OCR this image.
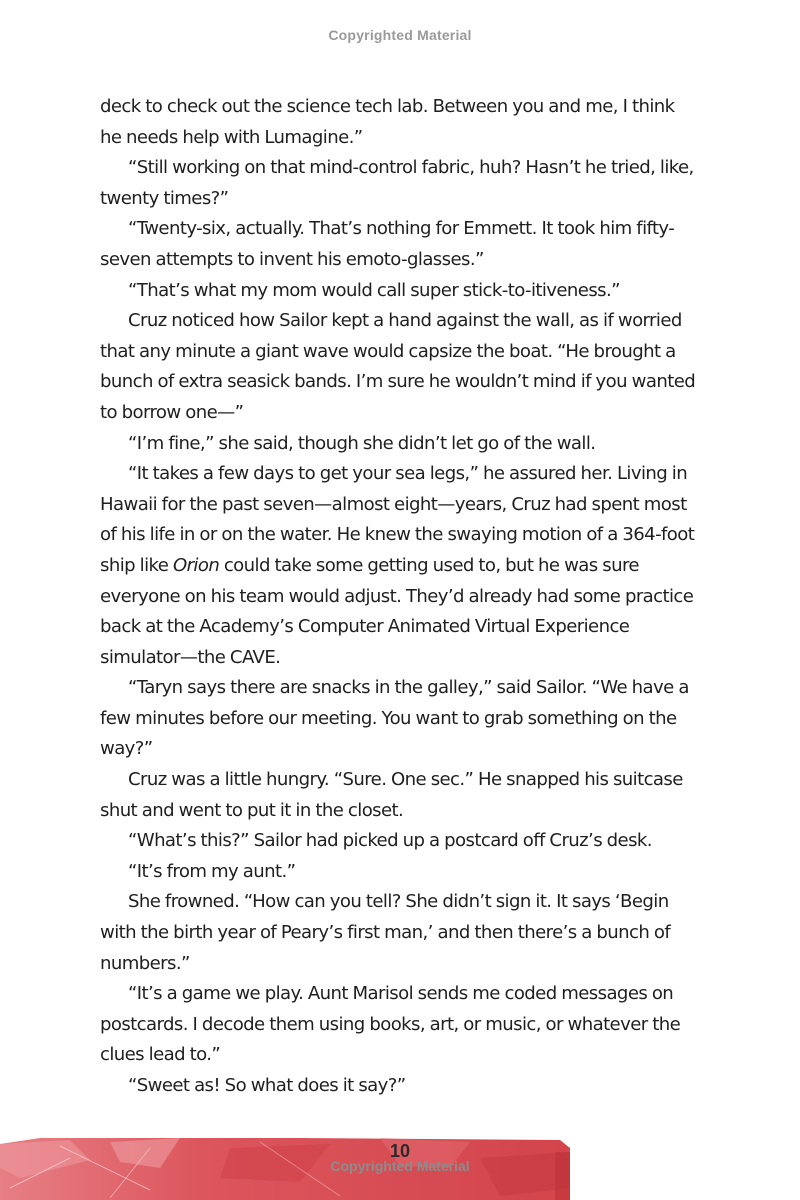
Copyrighted Material

deck to check out the science tech lab. Between you and me, I think he needs help with Lumagine.”

“Still working on that mind-control fabric, huh? Hasn’t he tried, like, twenty times?”

“Twenty-six, actually. That’s nothing for Emmett. It took him fifty-seven attempts to invent his emoto-glasses.”

“That’s what my mom would call super stick-to-itiveness.”

Cruz noticed how Sailor kept a hand against the wall, as if worried that any minute a giant wave would capsize the boat. “He brought a bunch of extra seasick bands. I’m sure he wouldn’t mind if you wanted to borrow one—”

“I’m fine,” she said, though she didn’t let go of the wall.

“It takes a few days to get your sea legs,” he assured her. Living in Hawaii for the past seven—almost eight—years, Cruz had spent most of his life in or on the water. He knew the swaying motion of a 364-foot ship like Orion could take some getting used to, but he was sure everyone on his team would adjust. They’d already had some practice back at the Academy’s Computer Animated Virtual Experience simulator—the CAVE.

“Taryn says there are snacks in the galley,” said Sailor. “We have a few minutes before our meeting. You want to grab something on the way?”

Cruz was a little hungry. “Sure. One sec.” He snapped his suitcase shut and went to put it in the closet.

“What’s this?” Sailor had picked up a postcard off Cruz’s desk.

“It’s from my aunt.”

She frowned. “How can you tell? She didn’t sign it. It says ‘Begin with the birth year of Peary’s first man,’ and then there’s a bunch of numbers.”

“It’s a game we play. Aunt Marisol sends me coded messages on postcards. I decode them using books, art, or music, or whatever the clues lead to.”

“Sweet as! So what does it say?”

10
Copyrighted Material
